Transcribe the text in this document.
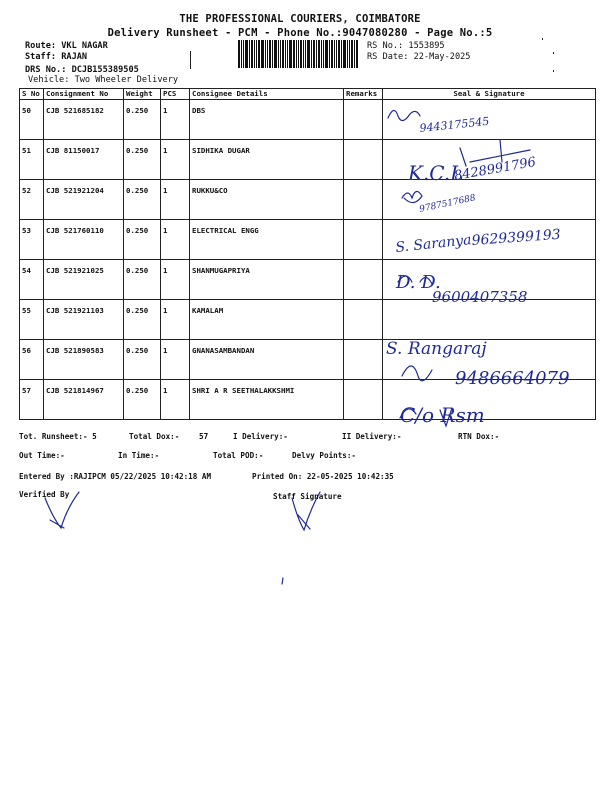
THE PROFESSIONAL COURIERS, COIMBATORE
Delivery Runsheet - PCM - Phone No.:9047080280 - Page No.:5
Route: VKL NAGAR
Staff: RAJAN
DRS No.: DCJB155389505
Vehicle: Two Wheeler Delivery
RS No.: 1553895
RS Date: 22-May-2025
S No	Consignment No	Weight	PCS	Consignee Details	Remarks	Seal & Signature
50	CJB 521685182	0.250	1	DBS		
51	CJB 81150017	0.250	1	SIDHIKA DUGAR		
52	CJB 521921204	0.250	1	RUKKU&CO		
53	CJB 521760110	0.250	1	ELECTRICAL ENGG		
54	CJB 521921025	0.250	1	SHANMUGAPRIYA		
55	CJB 521921103	0.250	1	KAMALAM		
56	CJB 521890583	0.250	1	GNANASAMBANDAN		
57	CJB 521814967	0.250	1	SHRI A R SEETHALAKKSHMI		
9443175545
K.C.L
8428991796
9787517688
9629399193
S. Saranya
D. D.
9600407358
S. Rangaraj
9486664079
C/o Rsm
Tot. Runsheet:- 5	Total Dox:-	57	I Delivery:-	II Delivery:-	RTN Dox:-
Out Time:-	In Time:-	Total POD:-	Delvy Points:-
Entered By :RAJIPCM 05/22/2025 10:42:18 AM	Printed On: 22-05-2025 10:42:35
Verified By	Staff Signature
